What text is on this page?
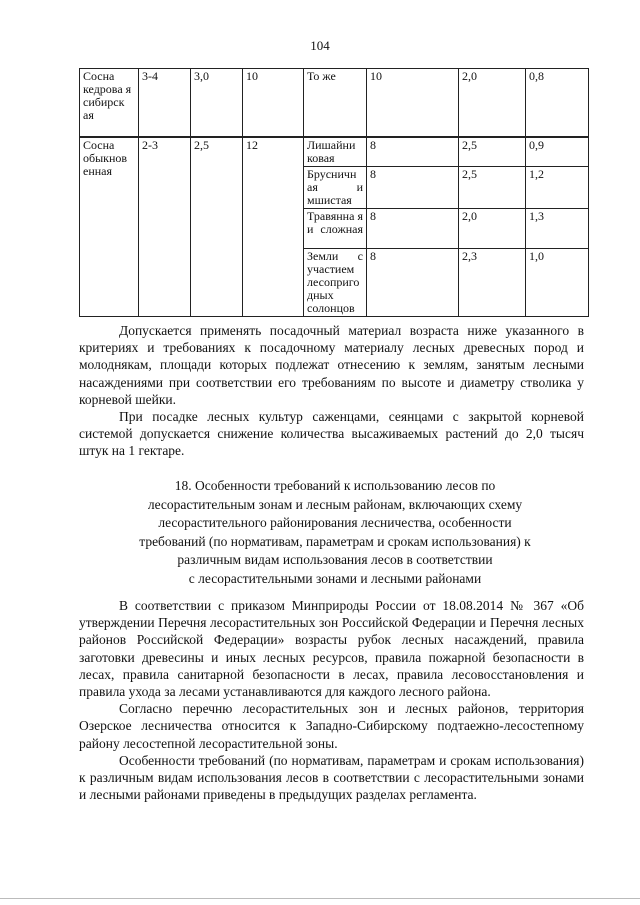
104
Сосна кедрова я сибирск ая	3-4	3,0	10	То же	10	2,0	0,8
Сосна обыкнов енная	2-3	2,5	12	Лишайни ковая	8	2,5	0,9
				Брусничн ая и мшистая	8	2,5	1,2
				Травянна я и сложная	8	2,0	1,3
				Земли с участием лесоприго дных солонцов	8	2,3	1,0

Допускается применять посадочный материал возраста ниже указанного в критериях и требованиях к посадочному материалу лесных древесных пород и молоднякам, площади которых подлежат отнесению к землям, занятым лесными насаждениями при соответствии его требованиям по высоте и диаметру стволика у корневой шейки.

При посадке лесных культур саженцами, сеянцами с закрытой корневой системой допускается снижение количества высаживаемых растений до 2,0 тысяч штук на 1 гектаре.

18. Особенности требований к использованию лесов по
лесорастительным зонам и лесным районам, включающих схему
лесорастительного районирования лесничества, особенности
требований (по нормативам, параметрам и срокам использования) к
различным видам использования лесов в соответствии
с лесорастительными зонами и лесными районами

В соответствии с приказом Минприроды России от 18.08.2014 № 367 «Об утверждении Перечня лесорастительных зон Российской Федерации и Перечня лесных районов Российской Федерации» возрасты рубок лесных насаждений, правила заготовки древесины и иных лесных ресурсов, правила пожарной безопасности в лесах, правила санитарной безопасности в лесах, правила лесовосстановления и правила ухода за лесами устанавливаются для каждого лесного района.

Согласно перечню лесорастительных зон и лесных районов, территория Озерское лесничества относится к Западно-Сибирскому подтаежно-лесостепному району лесостепной лесорастительной зоны.

Особенности требований (по нормативам, параметрам и срокам использования) к различным видам использования лесов в соответствии с лесорастительными зонами и лесными районами приведены в предыдущих разделах регламента.
